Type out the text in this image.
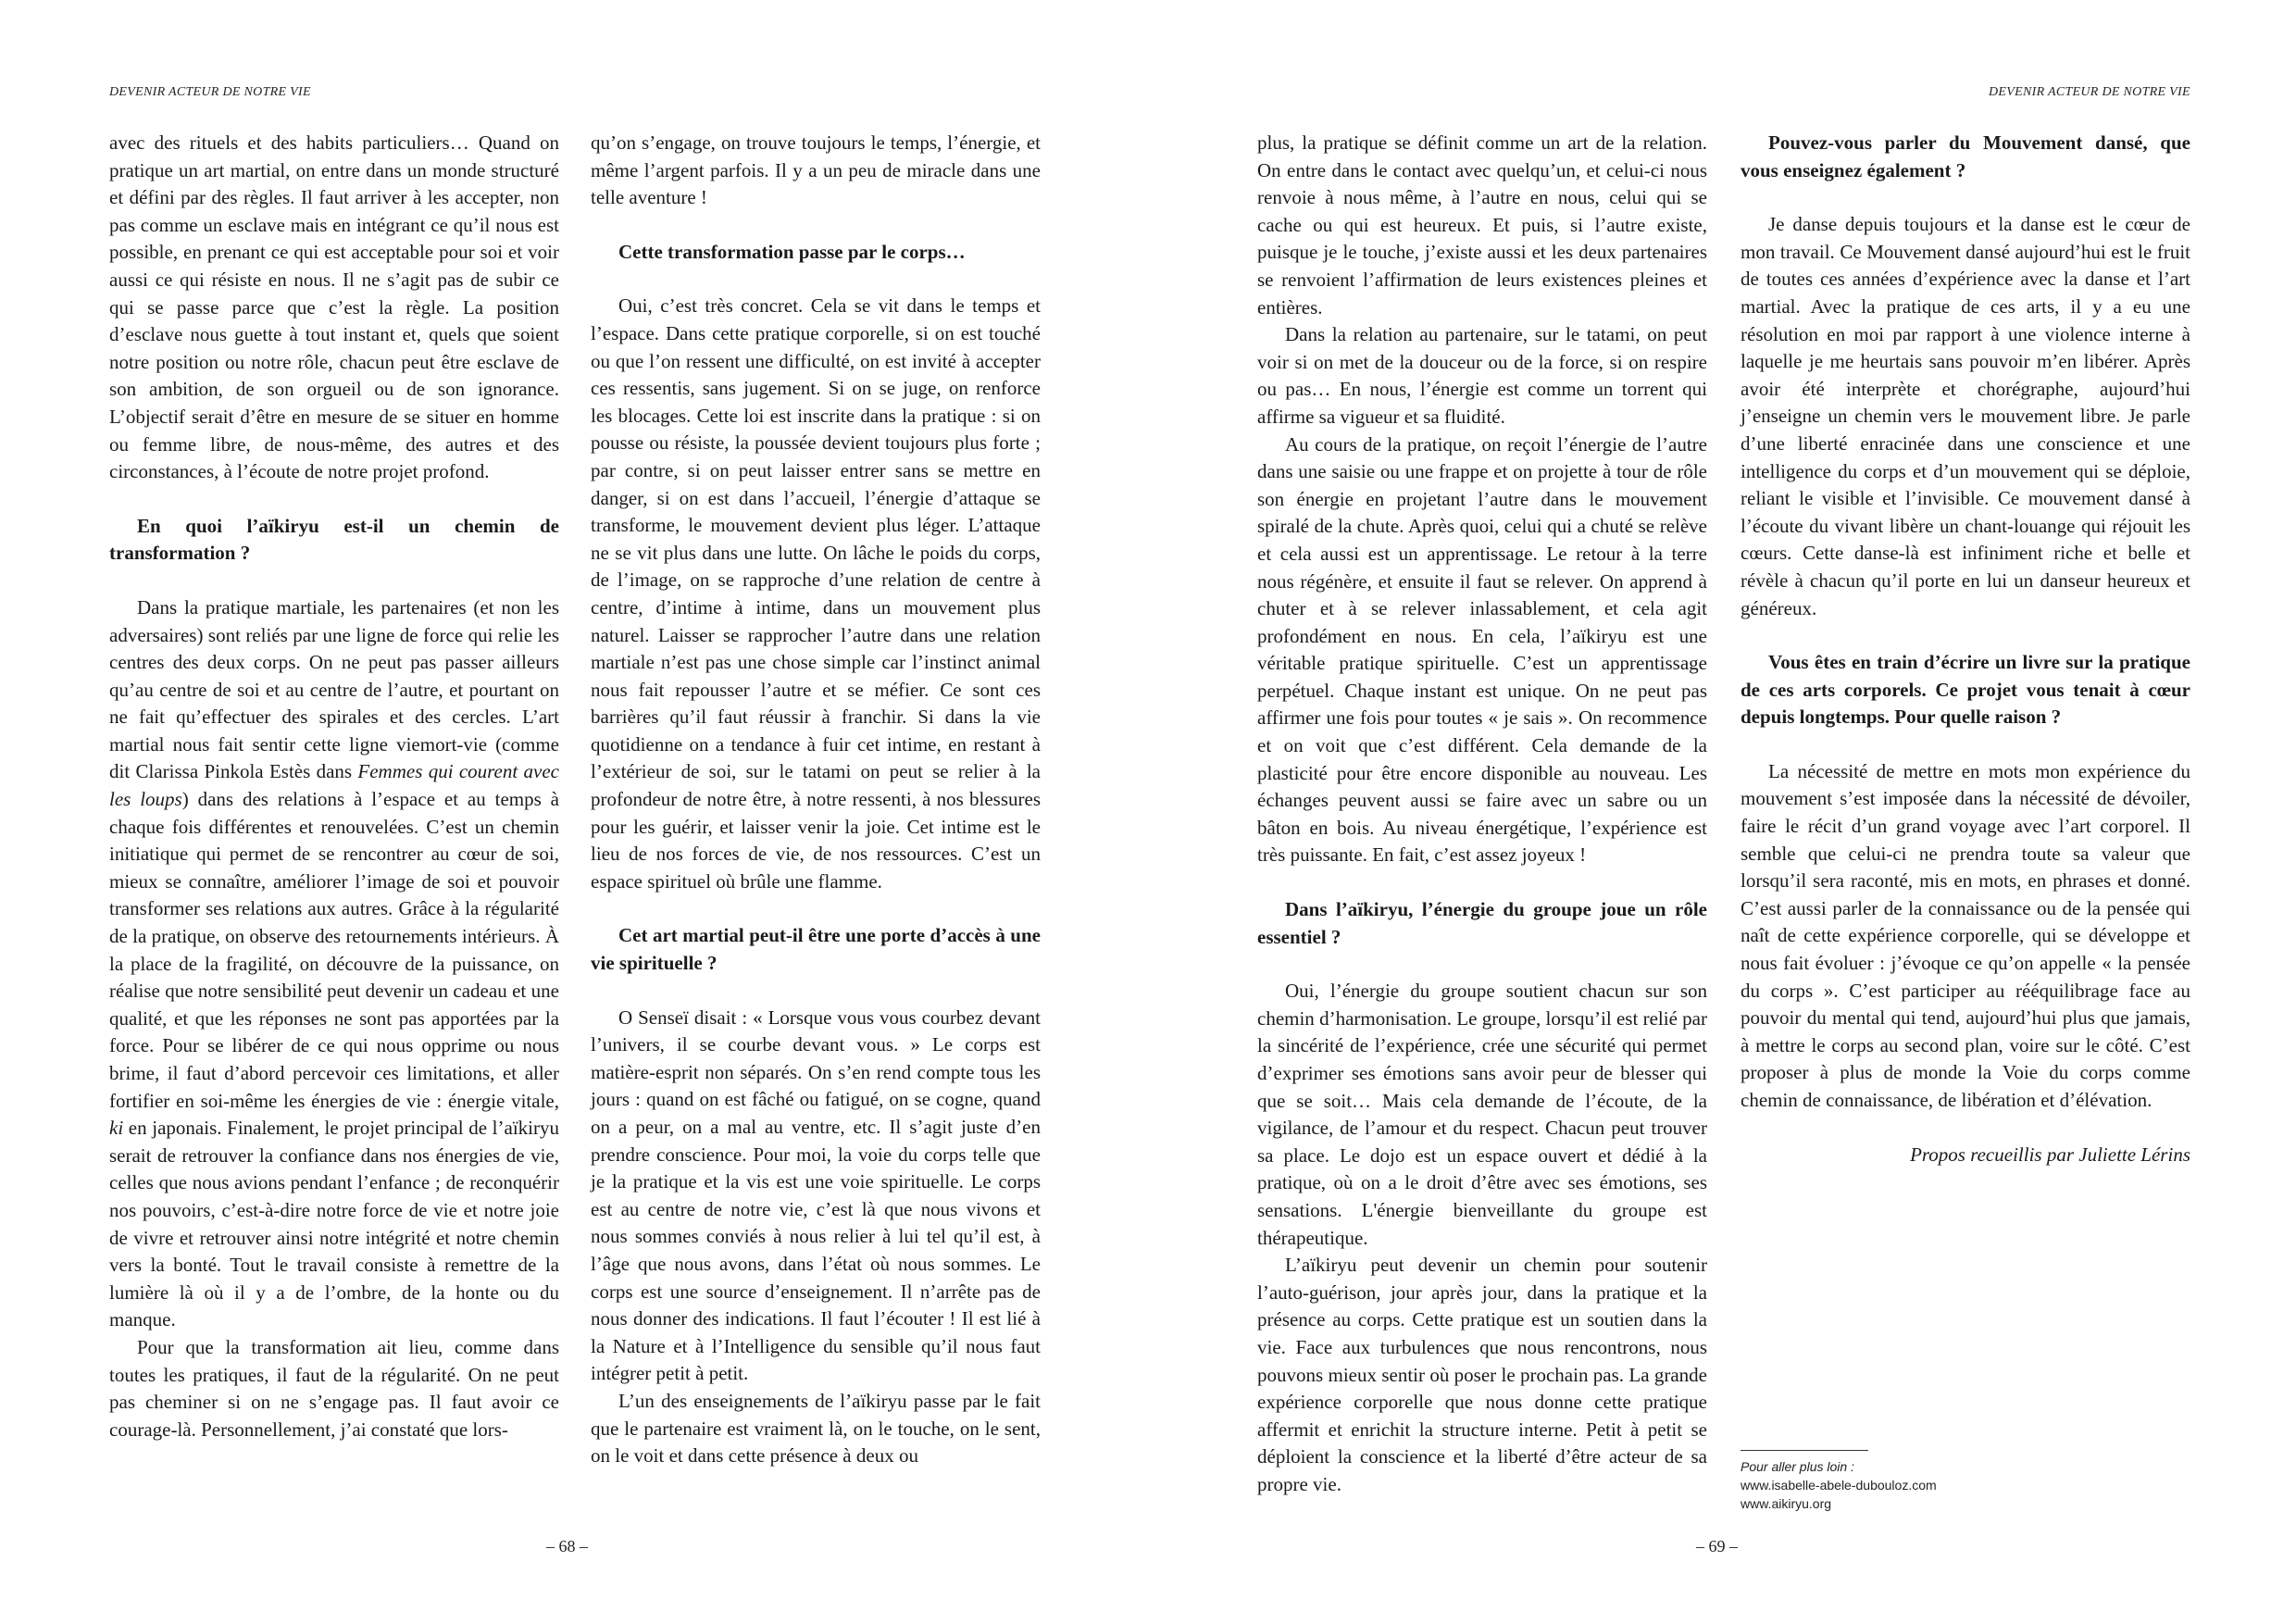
DEVENIR ACTEUR DE NOTRE VIE

avec des rituels et des habits particuliers… Quand on pratique un art martial, on entre dans un monde structuré et défini par des règles. Il faut arriver à les accepter, non pas comme un esclave mais en intégrant ce qu’il nous est possible, en prenant ce qui est acceptable pour soi et voir aussi ce qui résiste en nous. Il ne s’agit pas de subir ce qui se passe parce que c’est la règle. La position d’esclave nous guette à tout instant et, quels que soient notre position ou notre rôle, chacun peut être esclave de son ambition, de son orgueil ou de son ignorance. L’objectif serait d’être en mesure de se situer en homme ou femme libre, de nous-même, des autres et des circonstances, à l’écoute de notre projet profond.

En quoi l’aïkiryu est-il un chemin de transformation ?

Dans la pratique martiale, les partenaires (et non les adversaires) sont reliés par une ligne de force qui relie les centres des deux corps. On ne peut pas passer ailleurs qu’au centre de soi et au centre de l’autre, et pourtant on ne fait qu’effectuer des spirales et des cercles. L’art martial nous fait sentir cette ligne viemort-vie (comme dit Clarissa Pinkola Estès dans Femmes qui courent avec les loups) dans des relations à l’espace et au temps à chaque fois différentes et renouvelées. C’est un chemin initiatique qui permet de se rencontrer au cœur de soi, mieux se connaître, améliorer l’image de soi et pouvoir transformer ses relations aux autres. Grâce à la régularité de la pratique, on observe des retournements intérieurs. À la place de la fragilité, on découvre de la puissance, on réalise que notre sensibilité peut devenir un cadeau et une qualité, et que les réponses ne sont pas apportées par la force. Pour se libérer de ce qui nous opprime ou nous brime, il faut d’abord percevoir ces limitations, et aller fortifier en soi-même les énergies de vie : énergie vitale, ki en japonais. Finalement, le projet principal de l’aïkiryu serait de retrouver la confiance dans nos énergies de vie, celles que nous avions pendant l’enfance ; de reconquérir nos pouvoirs, c’est-à-dire notre force de vie et notre joie de vivre et retrouver ainsi notre intégrité et notre chemin vers la bonté. Tout le travail consiste à remettre de la lumière là où il y a de l’ombre, de la honte ou du manque.

Pour que la transformation ait lieu, comme dans toutes les pratiques, il faut de la régularité. On ne peut pas cheminer si on ne s’engage pas. Il faut avoir ce courage-là. Personnellement, j’ai constaté que lors-

qu’on s’engage, on trouve toujours le temps, l’énergie, et même l’argent parfois. Il y a un peu de miracle dans une telle aventure !

Cette transformation passe par le corps…

Oui, c’est très concret. Cela se vit dans le temps et l’espace. Dans cette pratique corporelle, si on est touché ou que l’on ressent une difficulté, on est invité à accepter ces ressentis, sans jugement. Si on se juge, on renforce les blocages. Cette loi est inscrite dans la pratique : si on pousse ou résiste, la poussée devient toujours plus forte ; par contre, si on peut laisser entrer sans se mettre en danger, si on est dans l’accueil, l’énergie d’attaque se transforme, le mouvement devient plus léger. L’attaque ne se vit plus dans une lutte. On lâche le poids du corps, de l’image, on se rapproche d’une relation de centre à centre, d’intime à intime, dans un mouvement plus naturel. Laisser se rapprocher l’autre dans une relation martiale n’est pas une chose simple car l’instinct animal nous fait repousser l’autre et se méfier. Ce sont ces barrières qu’il faut réussir à franchir. Si dans la vie quotidienne on a tendance à fuir cet intime, en restant à l’extérieur de soi, sur le tatami on peut se relier à la profondeur de notre être, à notre ressenti, à nos blessures pour les guérir, et laisser venir la joie. Cet intime est le lieu de nos forces de vie, de nos ressources. C’est un espace spirituel où brûle une flamme.

Cet art martial peut-il être une porte d’accès à une vie spirituelle ?

O Senseï disait : « Lorsque vous vous courbez devant l’univers, il se courbe devant vous. » Le corps est matière-esprit non séparés. On s’en rend compte tous les jours : quand on est fâché ou fatigué, on se cogne, quand on a peur, on a mal au ventre, etc. Il s’agit juste d’en prendre conscience. Pour moi, la voie du corps telle que je la pratique et la vis est une voie spirituelle. Le corps est au centre de notre vie, c’est là que nous vivons et nous sommes conviés à nous relier à lui tel qu’il est, à l’âge que nous avons, dans l’état où nous sommes. Le corps est une source d’enseignement. Il n’arrête pas de nous donner des indications. Il faut l’écouter ! Il est lié à la Nature et à l’Intelligence du sensible qu’il nous faut intégrer petit à petit.

L’un des enseignements de l’aïkiryu passe par le fait que le partenaire est vraiment là, on le touche, on le sent, on le voit et dans cette présence à deux ou

– 68 –
DEVENIR ACTEUR DE NOTRE VIE

plus, la pratique se définit comme un art de la relation. On entre dans le contact avec quelqu’un, et celui-ci nous renvoie à nous même, à l’autre en nous, celui qui se cache ou qui est heureux. Et puis, si l’autre existe, puisque je le touche, j’existe aussi et les deux partenaires se renvoient l’affirmation de leurs existences pleines et entières.

Dans la relation au partenaire, sur le tatami, on peut voir si on met de la douceur ou de la force, si on respire ou pas… En nous, l’énergie est comme un torrent qui affirme sa vigueur et sa fluidité.

Au cours de la pratique, on reçoit l’énergie de l’autre dans une saisie ou une frappe et on projette à tour de rôle son énergie en projetant l’autre dans le mouvement spiralé de la chute. Après quoi, celui qui a chuté se relève et cela aussi est un apprentissage. Le retour à la terre nous régénère, et ensuite il faut se relever. On apprend à chuter et à se relever inlassablement, et cela agit profondément en nous. En cela, l’aïkiryu est une véritable pratique spirituelle. C’est un apprentissage perpétuel. Chaque instant est unique. On ne peut pas affirmer une fois pour toutes « je sais ». On recommence et on voit que c’est différent. Cela demande de la plasticité pour être encore disponible au nouveau. Les échanges peuvent aussi se faire avec un sabre ou un bâton en bois. Au niveau énergétique, l’expérience est très puissante. En fait, c’est assez joyeux !

Dans l’aïkiryu, l’énergie du groupe joue un rôle essentiel ?

Oui, l’énergie du groupe soutient chacun sur son chemin d’harmonisation. Le groupe, lorsqu’il est relié par la sincérité de l’expérience, crée une sécurité qui permet d’exprimer ses émotions sans avoir peur de blesser qui que se soit… Mais cela demande de l’écoute, de la vigilance, de l’amour et du respect. Chacun peut trouver sa place. Le dojo est un espace ouvert et dédié à la pratique, où on a le droit d’être avec ses émotions, ses sensations. L'énergie bienveillante du groupe est thérapeutique.

L’aïkiryu peut devenir un chemin pour soutenir l’auto-guérison, jour après jour, dans la pratique et la présence au corps. Cette pratique est un soutien dans la vie. Face aux turbulences que nous rencontrons, nous pouvons mieux sentir où poser le prochain pas. La grande expérience corporelle que nous donne cette pratique affermit et enrichit la structure interne. Petit à petit se déploient la conscience et la liberté d’être acteur de sa propre vie.

Pouvez-vous parler du Mouvement dansé, que vous enseignez également ?

Je danse depuis toujours et la danse est le cœur de mon travail. Ce Mouvement dansé aujourd’hui est le fruit de toutes ces années d’expérience avec la danse et l’art martial. Avec la pratique de ces arts, il y a eu une résolution en moi par rapport à une violence interne à laquelle je me heurtais sans pouvoir m’en libérer. Après avoir été interprète et chorégraphe, aujourd’hui j’enseigne un chemin vers le mouvement libre. Je parle d’une liberté enracinée dans une conscience et une intelligence du corps et d’un mouvement qui se déploie, reliant le visible et l’invisible. Ce mouvement dansé à l’écoute du vivant libère un chant-louange qui réjouit les cœurs. Cette danse-là est infiniment riche et belle et révèle à chacun qu’il porte en lui un danseur heureux et généreux.

Vous êtes en train d’écrire un livre sur la pratique de ces arts corporels. Ce projet vous tenait à cœur depuis longtemps. Pour quelle raison ?

La nécessité de mettre en mots mon expérience du mouvement s’est imposée dans la nécessité de dévoiler, faire le récit d’un grand voyage avec l’art corporel. Il semble que celui-ci ne prendra toute sa valeur que lorsqu’il sera raconté, mis en mots, en phrases et donné. C’est aussi parler de la connaissance ou de la pensée qui naît de cette expérience corporelle, qui se développe et nous fait évoluer : j’évoque ce qu’on appelle « la pensée du corps ». C’est participer au rééquilibrage face au pouvoir du mental qui tend, aujourd’hui plus que jamais, à mettre le corps au second plan, voire sur le côté. C’est proposer à plus de monde la Voie du corps comme chemin de connaissance, de libération et d’élévation.

Propos recueillis par Juliette Lérins

Pour aller plus loin :
www.isabelle-abele-dubouloz.com
www.aikiryu.org
– 69 –
